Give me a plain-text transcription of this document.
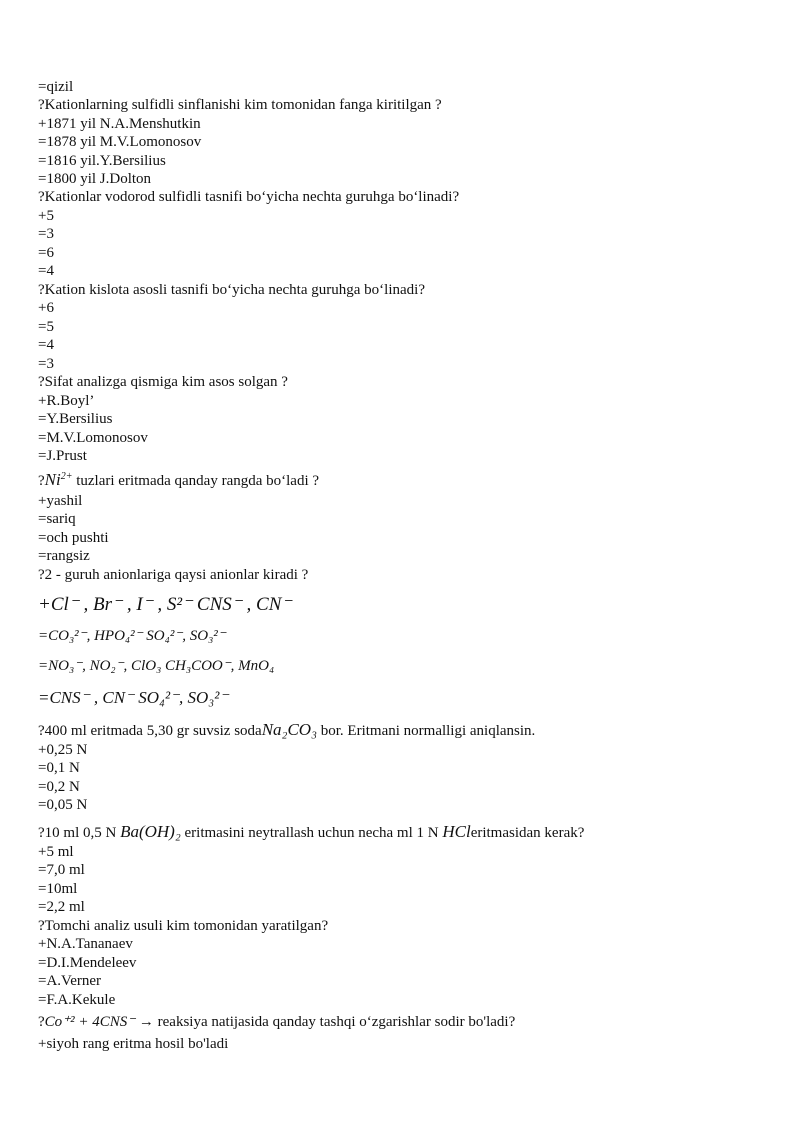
=qizil
?Kationlarning sulfidli sinflanishi kim tomonidan fanga kiritilgan ?
+1871 yil N.A.Menshutkin
=1878 yil M.V.Lomonosov
=1816 yil.Y.Bersilius
=1800 yil J.Dolton
?Kationlar vodorod sulfidli tasnifi bo‘yicha nechta guruhga bo‘linadi?
+5
=3
=6
=4
?Kation kislota asosli tasnifi bo‘yicha nechta guruhga bo‘linadi?
+6
=5
=4
=3
?Sifat analizga qismiga kim asos solgan ?
+R.Boyl’
=Y.Bersilius
=M.V.Lomonosov
=J.Prust
$?Ni^{2+}$ tuzlari eritmada qanday rangda bo‘ladi ?
+yashil
=sariq
=och pushti
=rangsiz
?2 - guruh anionlariga qaysi anionlar kiradi ?
+Cl⁻ , Br⁻ , I⁻ , S²⁻ CNS⁻ , CN⁻
=CO₃²⁻, HPO₄²⁻ SO₄²⁻, SO₃²⁻
=NO₃⁻, NO₂⁻, ClO₃ CH₃COO⁻, MnO₄
=CNS⁻ , CN⁻ SO₄²⁻, SO₃²⁻
?400 ml eritmada 5,30 gr suvsiz sodaNa₂CO₃ bor. Eritmani normalligi aniqlansin.
+0,25 N
=0,1 N
=0,2 N
=0,05 N
?10 ml 0,5 N Ba(OH)₂ eritmasini neytrallash uchun necha ml 1 N HCleritmasidan kerak?
+5 ml
=7,0 ml
=10ml
=2,2 ml
?Tomchi analiz usuli kim tomonidan yaratilgan?
+N.A.Tananaev
=D.I.Mendeleev
=A.Verner
=F.A.Kekule
?Co⁺² + 4CNS⁻ → reaksiya natijasida qanday tashqi o‘zgarishlar sodir bo'ladi?
+siyoh rang eritma hosil bo'ladi
